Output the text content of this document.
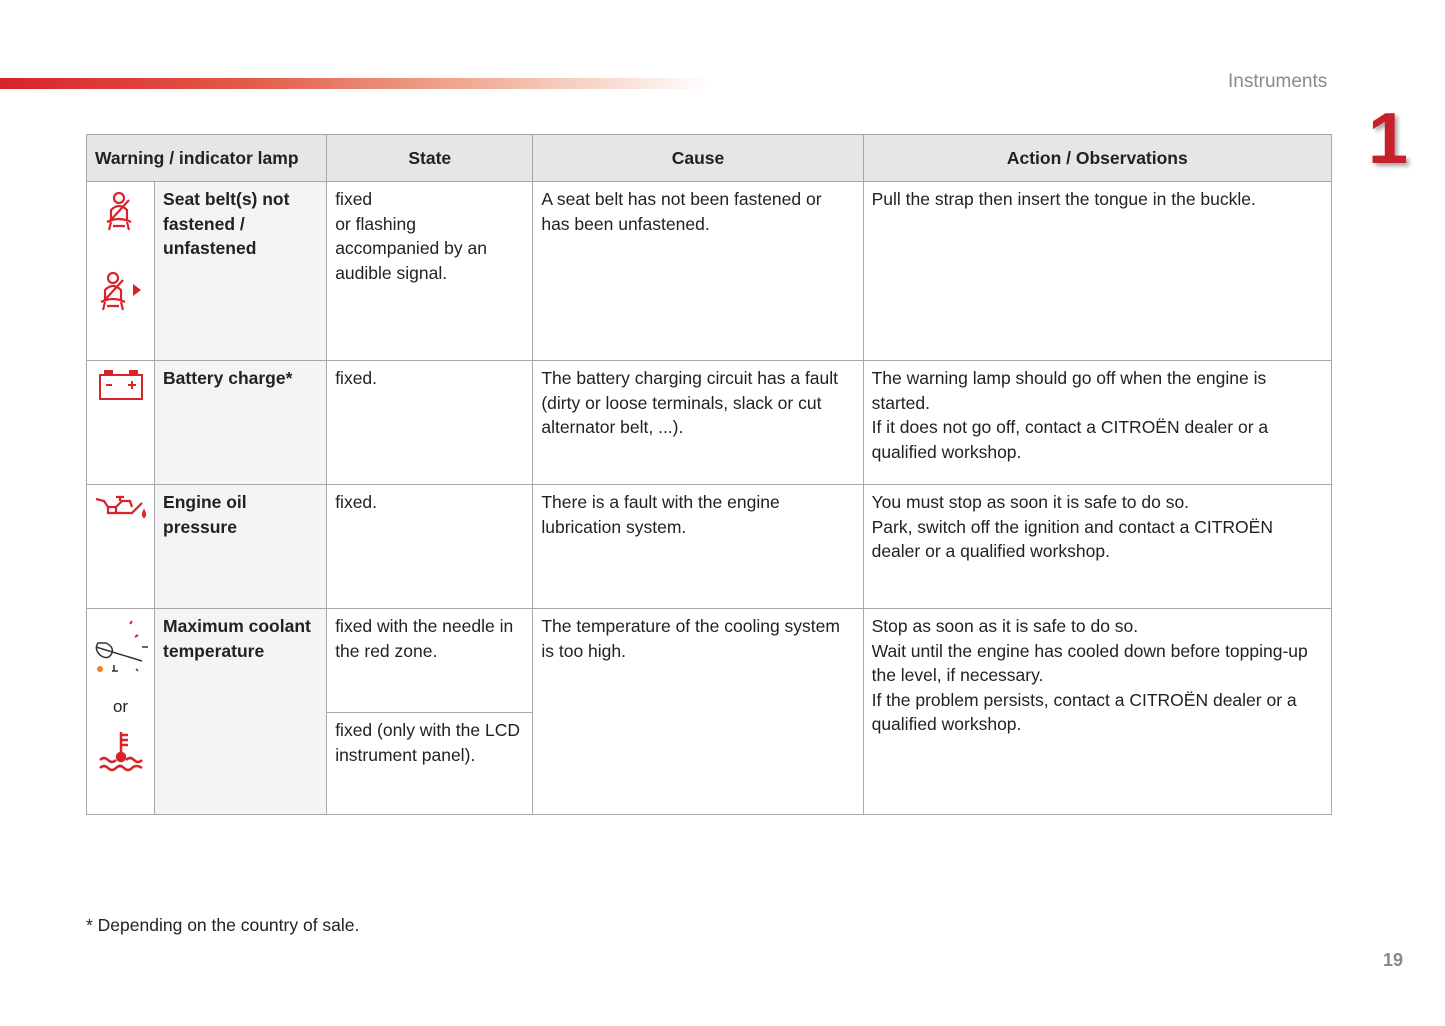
Instruments
1
Warning / indicator lamp		State	Cause	Action / Observations

	Seat belt(s) not fastened / unfastened	fixed
or flashing
accompanied by an audible signal.	A seat belt has not been fastened or has been unfastened.	Pull the strap then insert the tongue in the buckle.

	Battery charge*	fixed.	The battery charging circuit has a fault (dirty or loose terminals, slack or cut alternator belt, ...).	The warning lamp should go off when the engine is started.
If it does not go off, contact a CITROËN dealer or a qualified workshop.

	Engine oil pressure	fixed.	There is a fault with the engine lubrication system.	You must stop as soon it is safe to do so.
Park, switch off the ignition and contact a CITROËN dealer or a qualified workshop.

or	Maximum coolant temperature	fixed with the needle in the red zone.	The temperature of the cooling system is too high.	Stop as soon as it is safe to do so.
Wait until the engine has cooled down before topping-up the level, if necessary.
If the problem persists, contact a CITROËN dealer or a qualified workshop.
		fixed (only with the LCD instrument panel).		
* Depending on the country of sale.
19
